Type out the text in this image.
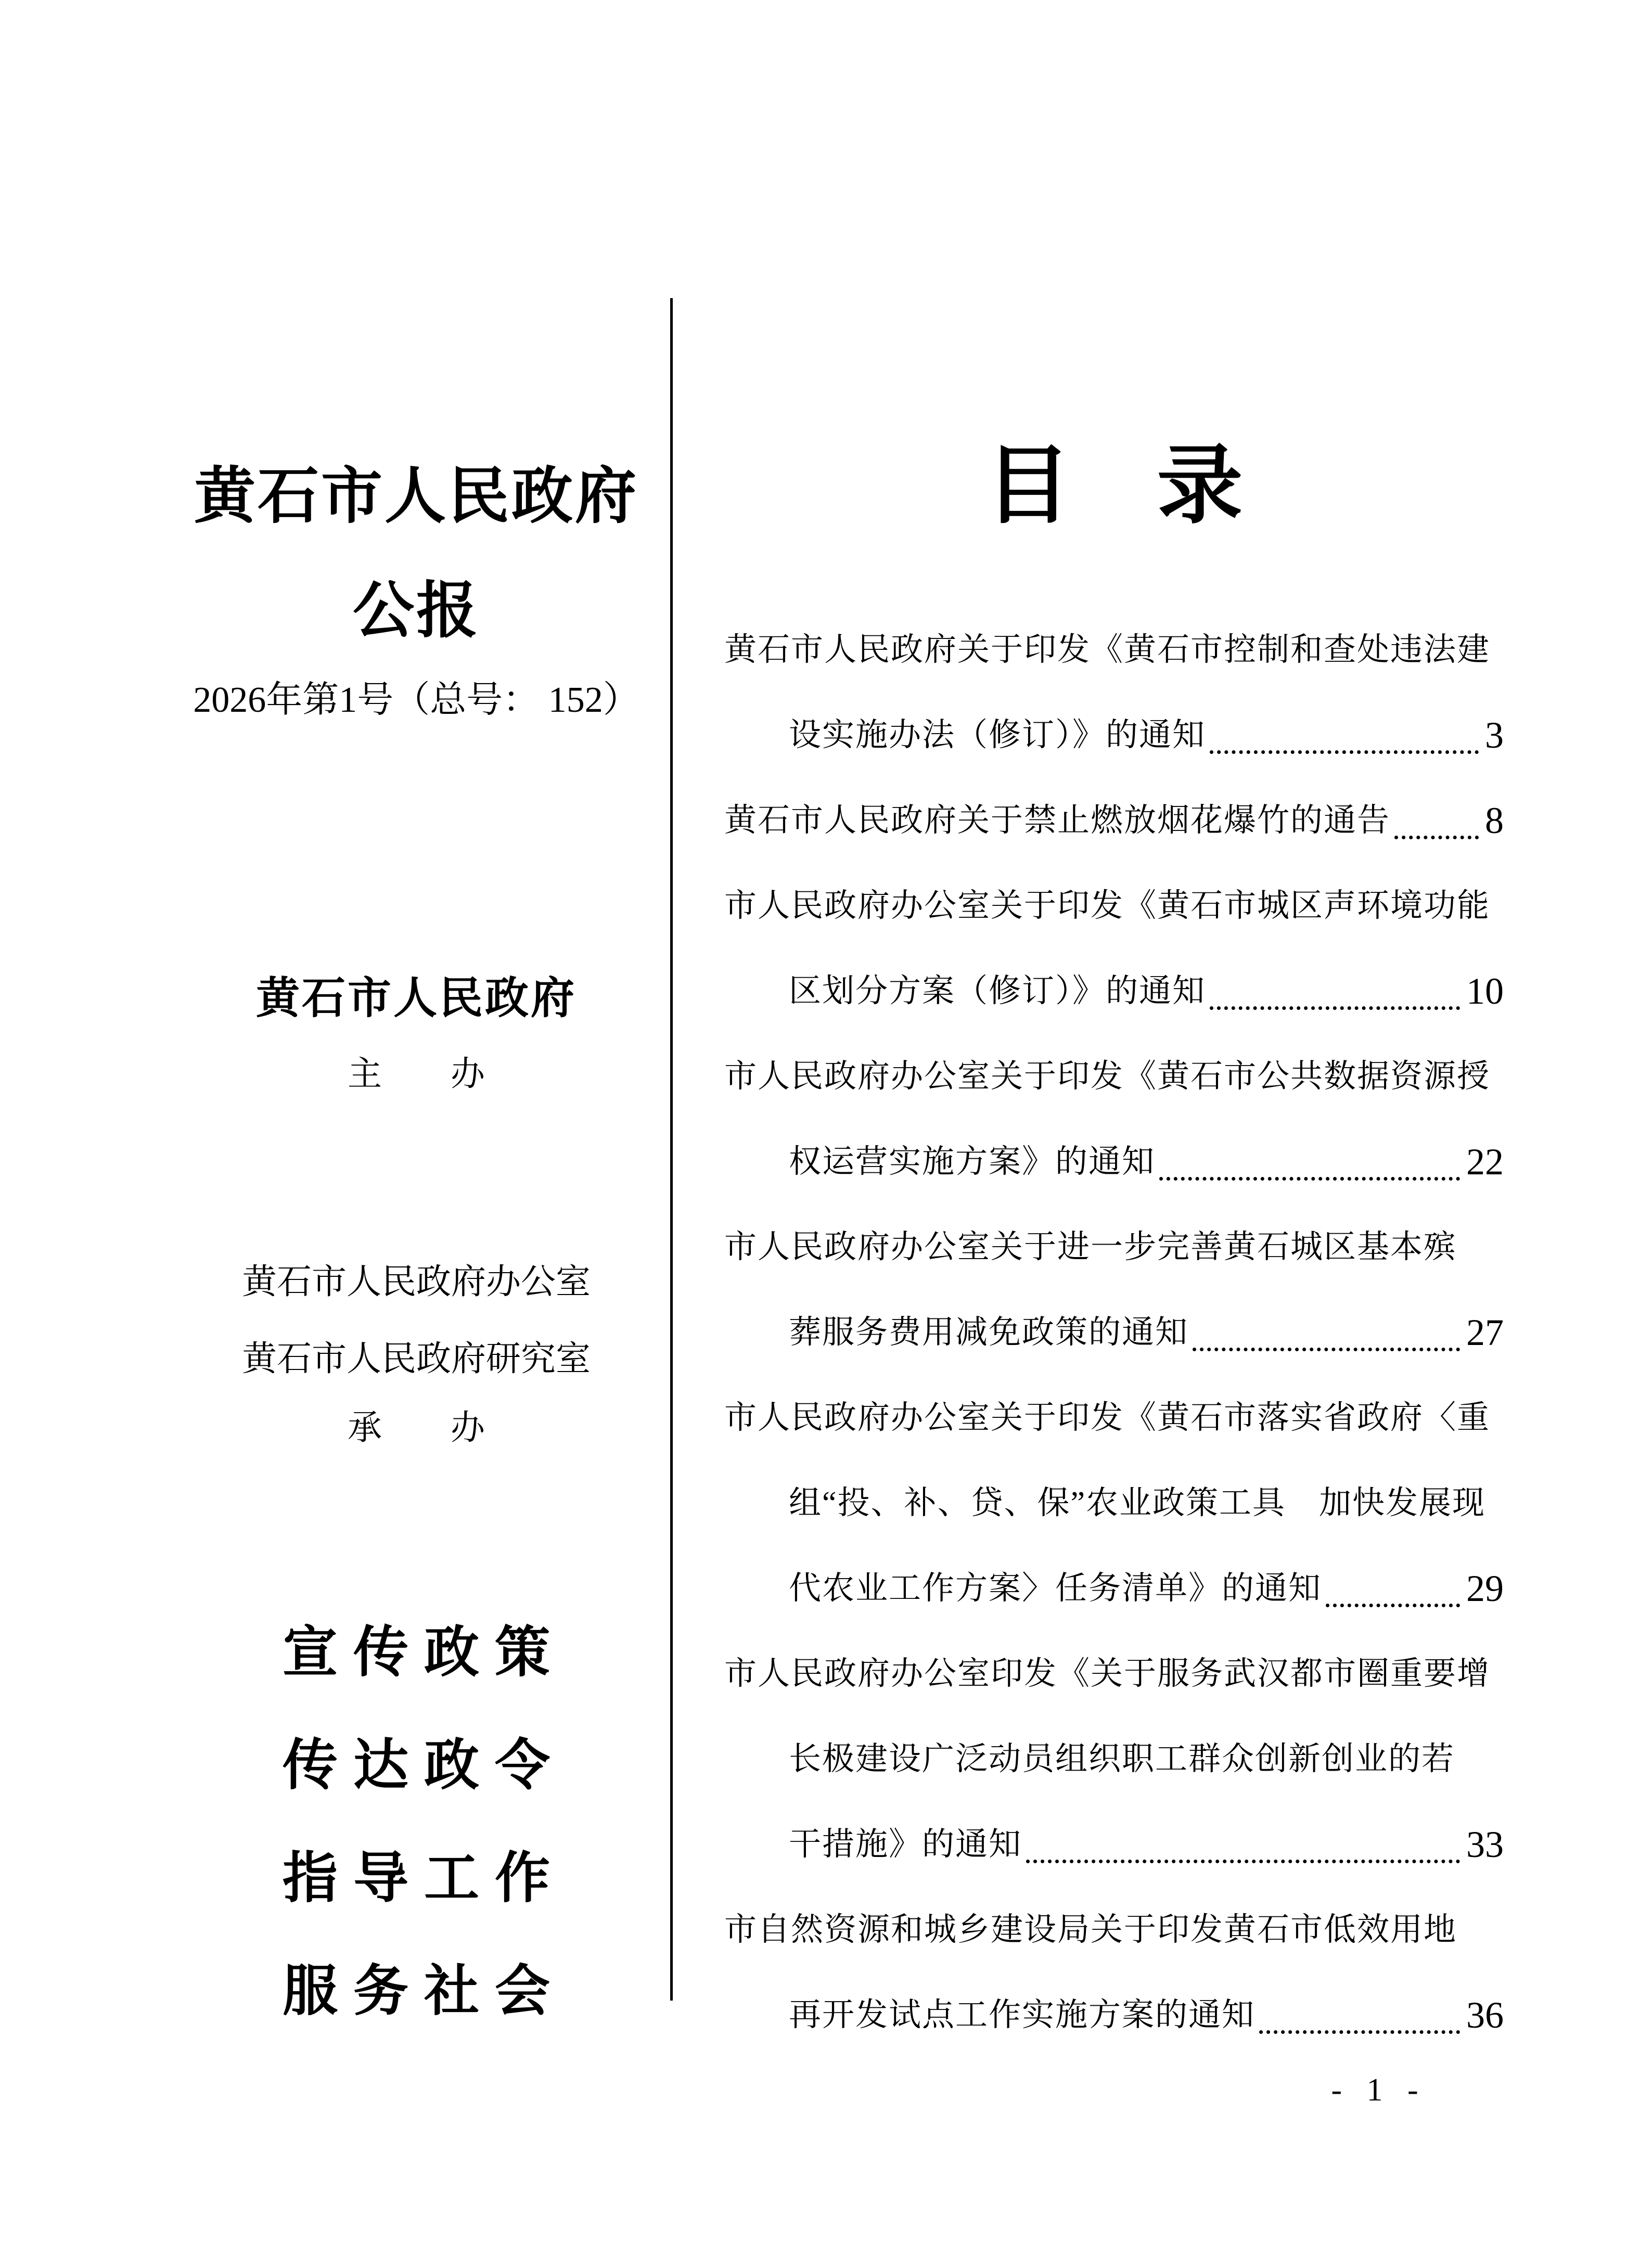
黄石市人民政府
公报
2026年第1号（总号： 152）
黄石市人民政府
主　　办
黄石市人民政府办公室
黄石市人民政府研究室
承　　办
宣传政策
传达政令
指导工作
服务社会
目　录
黄石市人民政府关于印发《黄石市控制和查处违法建
设实施办法（修订）》的通知	3
黄石市人民政府关于禁止燃放烟花爆竹的通告	8
市人民政府办公室关于印发《黄石市城区声环境功能
区划分方案（修订）》的通知	10
市人民政府办公室关于印发《黄石市公共数据资源授
权运营实施方案》的通知	22
市人民政府办公室关于进一步完善黄石城区基本殡
葬服务费用减免政策的通知	27
市人民政府办公室关于印发《黄石市落实省政府〈重
组“投、补、贷、保”农业政策工具　加快发展现
代农业工作方案〉任务清单》的通知	29
市人民政府办公室印发《关于服务武汉都市圈重要增
长极建设广泛动员组织职工群众创新创业的若
干措施》的通知	33
市自然资源和城乡建设局关于印发黄石市低效用地
再开发试点工作实施方案的通知	36
- 1 -
